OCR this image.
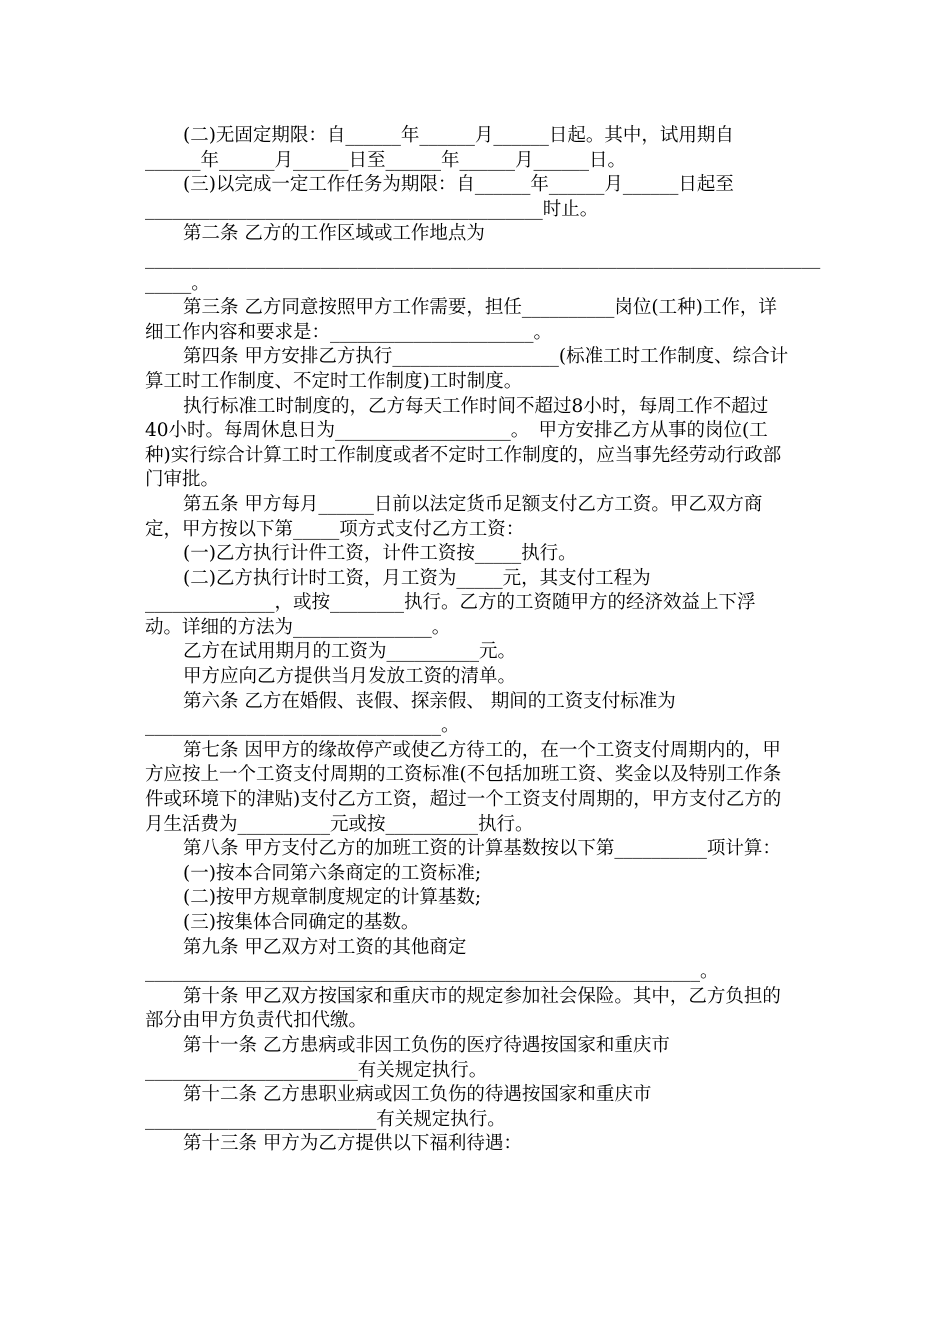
(二)无固定期限：自______年______月______日起。其中，试用期自
______年______月______日至______年______月______日。
(三)以完成一定工作任务为期限：自______年______月______日起至
___________________________________________时止。
第二条 乙方的工作区域或工作地点为
_________________________________________________________________________
_____。
第三条 乙方同意按照甲方工作需要，担任__________岗位(工种)工作，详
细工作内容和要求是：______________________。
第四条 甲方安排乙方执行__________________(标准工时工作制度、综合计
算工时工作制度、不定时工作制度)工时制度。
执行标准工时制度的，乙方每天工作时间不超过8小时，每周工作不超过
40小时。每周休息日为___________________。　甲方安排乙方从事的岗位(工
种)实行综合计算工时工作制度或者不定时工作制度的，应当事先经劳动行政部
门审批。
第五条 甲方每月______日前以法定货币足额支付乙方工资。甲乙双方商
定，甲方按以下第_____项方式支付乙方工资：
(一)乙方执行计件工资，计件工资按_____执行。
(二)乙方执行计时工资，月工资为_____元，其支付工程为
______________，或按________执行。乙方的工资随甲方的经济效益上下浮
动。详细的方法为_______________。
乙方在试用期月的工资为__________元。
甲方应向乙方提供当月发放工资的清单。
第六条 乙方在婚假、丧假、探亲假、 期间的工资支付标准为
________________________________。
第七条 因甲方的缘故停产或使乙方待工的，在一个工资支付周期内的，甲
方应按上一个工资支付周期的工资标准(不包括加班工资、奖金以及特别工作条
件或环境下的津贴)支付乙方工资，超过一个工资支付周期的，甲方支付乙方的
月生活费为__________元或按__________执行。
第八条 甲方支付乙方的加班工资的计算基数按以下第__________项计算：
(一)按本合同第六条商定的工资标准;
(二)按甲方规章制度规定的计算基数;
(三)按集体合同确定的基数。
第九条 甲乙双方对工资的其他商定
____________________________________________________________。
第十条 甲乙双方按国家和重庆市的规定参加社会保险。其中，乙方负担的
部分由甲方负责代扣代缴。
第十一条 乙方患病或非因工负伤的医疗待遇按国家和重庆市
_______________________有关规定执行。
第十二条 乙方患职业病或因工负伤的待遇按国家和重庆市
_________________________有关规定执行。
第十三条 甲方为乙方提供以下福利待遇：
